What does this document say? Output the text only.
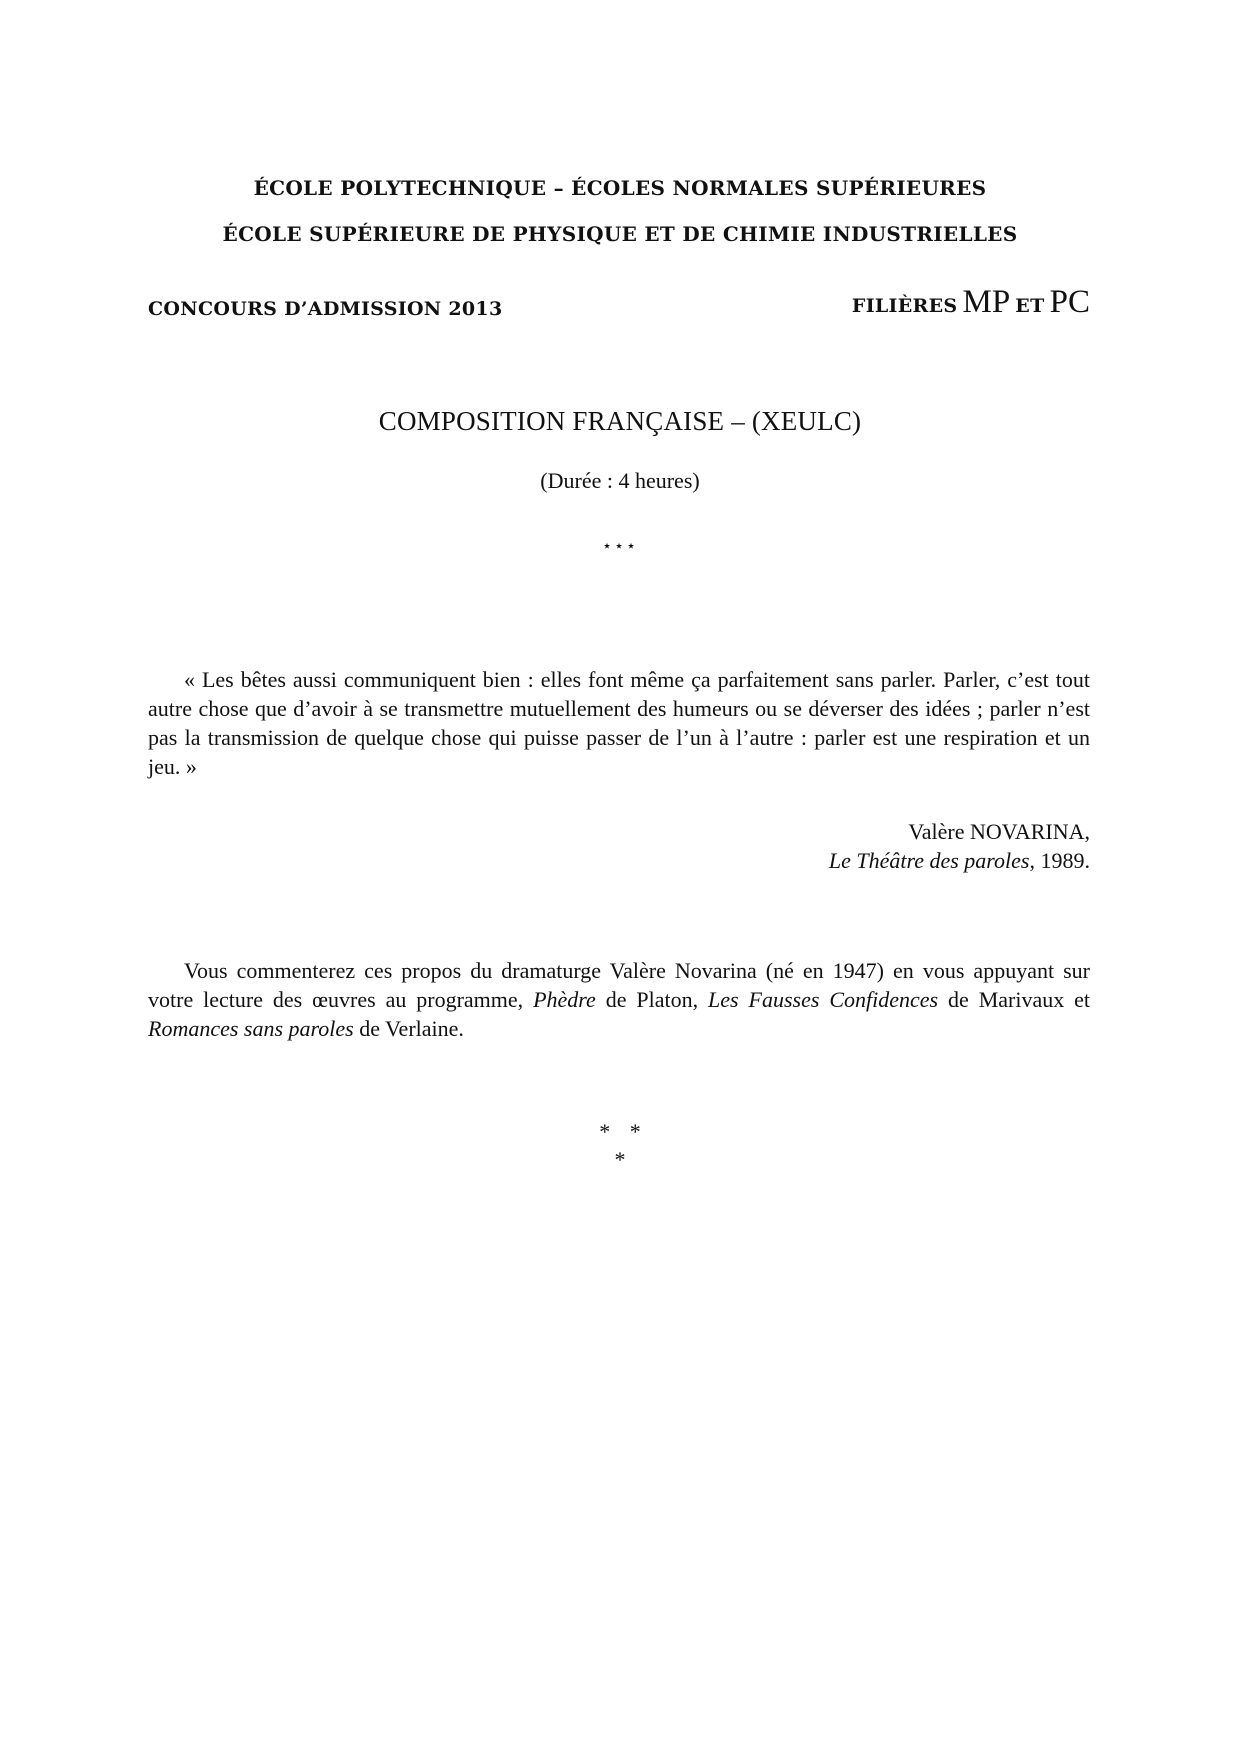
ÉCOLE POLYTECHNIQUE – ÉCOLES NORMALES SUPÉRIEURES
ÉCOLE SUPÉRIEURE DE PHYSIQUE ET DE CHIMIE INDUSTRIELLES
CONCOURS D’ADMISSION 2013	FILIÈRES MP ET PC
COMPOSITION FRANÇAISE – (XEULC)
(Durée : 4 heures)
⋆⋆⋆

« Les bêtes aussi communiquent bien : elles font même ça parfaitement sans parler. Parler, c’est tout autre chose que d’avoir à se transmettre mutuellement des humeurs ou se déverser des idées ; parler n’est pas la transmission de quelque chose qui puisse passer de l’un à l’autre : parler est une respiration et un jeu. »

Valère NOVARINA,
Le Théâtre des paroles, 1989.

Vous commenterez ces propos du dramaturge Valère Novarina (né en 1947) en vous appuyant sur votre lecture des œuvres au programme, Phèdre de Platon, Les Fausses Confidences de Marivaux et Romances sans paroles de Verlaine.

* *
*
